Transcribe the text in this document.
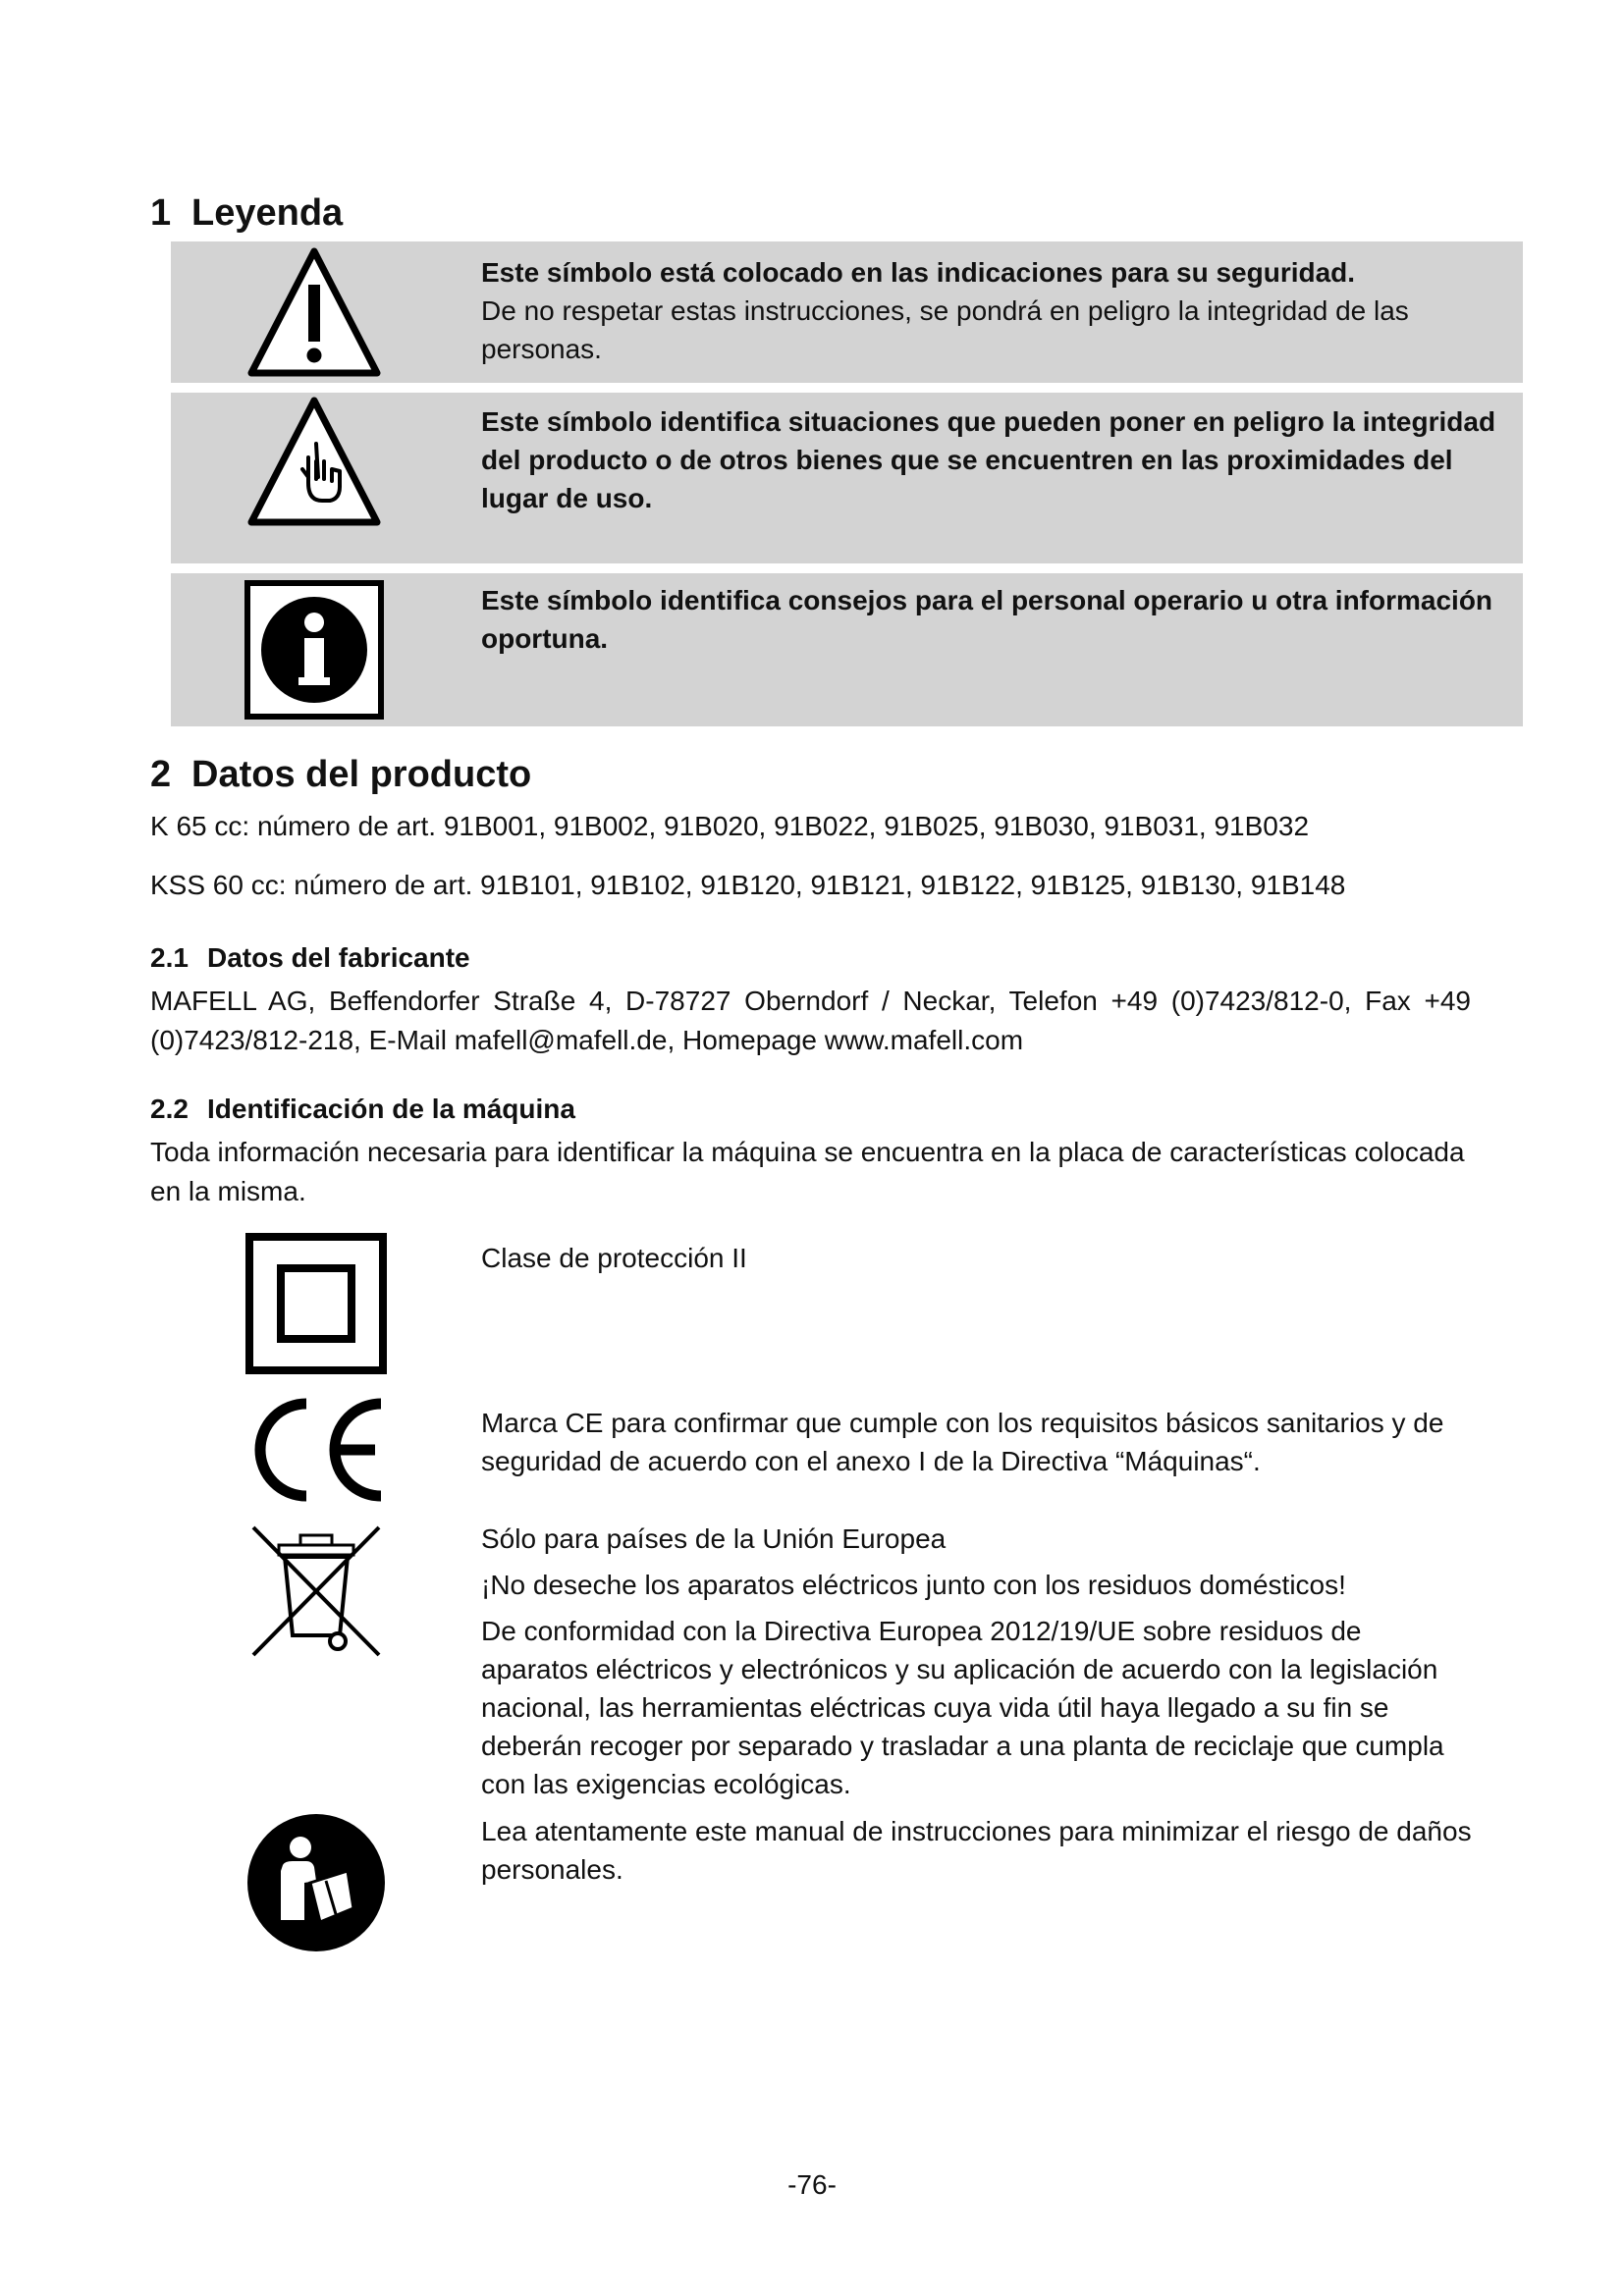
1 Leyenda
Este símbolo está colocado en las indicaciones para su seguridad.
De no respetar estas instrucciones, se pondrá en peligro la integridad de las personas.
Este símbolo identifica situaciones que pueden poner en peligro la integridad del producto o de otros bienes que se encuentren en las proximidades del lugar de uso.
Este símbolo identifica consejos para el personal operario u otra información oportuna.
2 Datos del producto

K 65 cc: número de art. 91B001, 91B002, 91B020, 91B022, 91B025, 91B030, 91B031, 91B032

KSS 60 cc: número de art. 91B101, 91B102, 91B120, 91B121, 91B122, 91B125, 91B130, 91B148

2.1 Datos del fabricante

MAFELL AG, Beffendorfer Straße 4, D-78727 Oberndorf / Neckar, Telefon +49 (0)7423/812-0, Fax +49 (0)7423/812-218, E-Mail mafell@mafell.de, Homepage www.mafell.com

2.2 Identificación de la máquina

Toda información necesaria para identificar la máquina se encuentra en la placa de características colocada en la misma.

Clase de protección II

Marca CE para confirmar que cumple con los requisitos básicos sanitarios y de seguridad de acuerdo con el anexo I de la Directiva “Máquinas“.

Sólo para países de la Unión Europea

¡No deseche los aparatos eléctricos junto con los residuos domésticos!

De conformidad con la Directiva Europea 2012/19/UE sobre residuos de aparatos eléctricos y electrónicos y su aplicación de acuerdo con la legislación nacional, las herramientas eléctricas cuya vida útil haya llegado a su fin se deberán recoger por separado y trasladar a una planta de reciclaje que cumpla con las exigencias ecológicas.

Lea atentamente este manual de instrucciones para minimizar el riesgo de daños personales.

-76-
